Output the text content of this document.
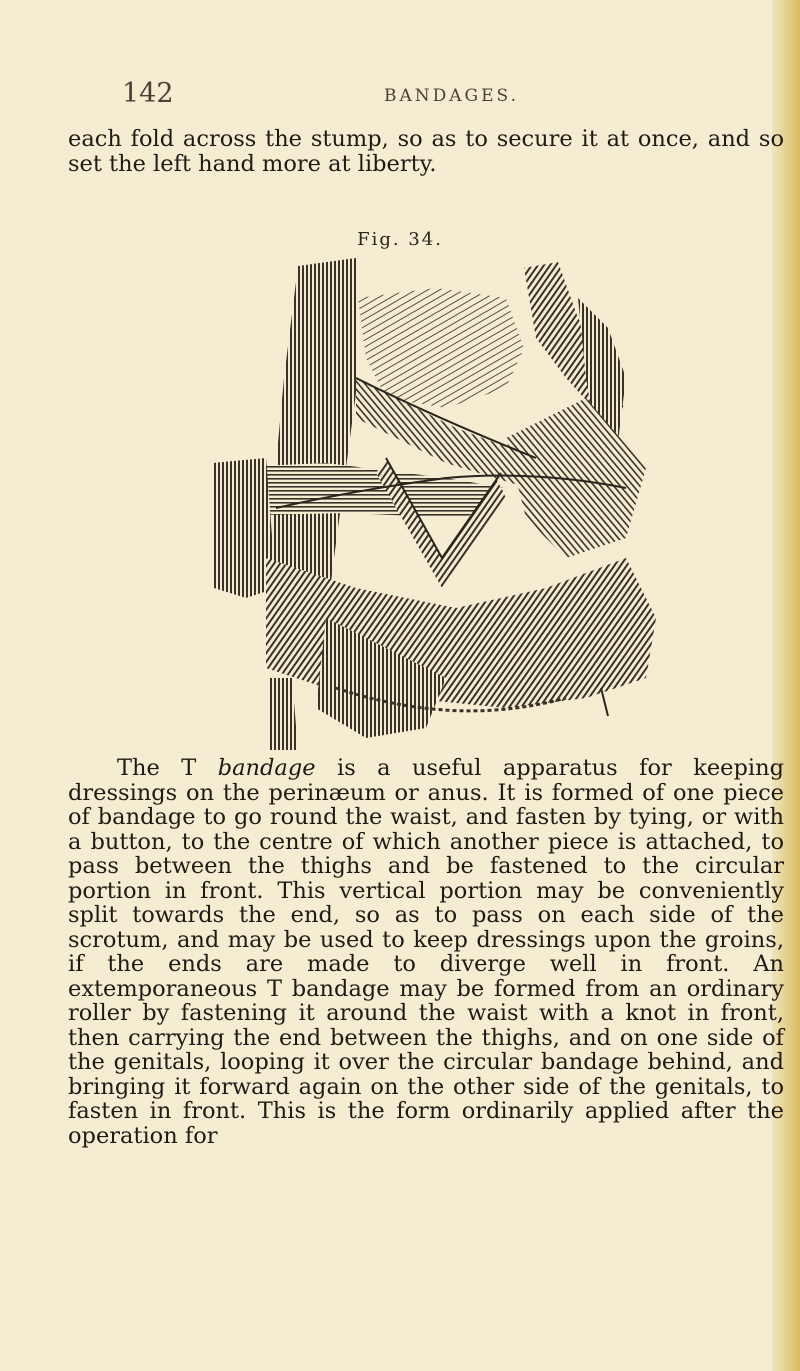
142	BANDAGES.

each fold across the stump, so as to secure it at once, and so set the left hand more at liberty.

Fig. 34.

The T bandage is a useful apparatus for keeping dressings on the perinæum or anus. It is formed of one piece of bandage to go round the waist, and fasten by tying, or with a button, to the centre of which another piece is attached, to pass between the thighs and be fastened to the circular portion in front. This vertical portion may be conveniently split towards the end, so as to pass on each side of the scrotum, and may be used to keep dressings upon the groins, if the ends are made to diverge well in front. An extemporaneous T bandage may be formed from an ordinary roller by fastening it around the waist with a knot in front, then carrying the end between the thighs, and on one side of the genitals, looping it over the circular bandage behind, and bringing it forward again on the other side of the genitals, to fasten in front. This is the form ordinarily applied after the operation for
